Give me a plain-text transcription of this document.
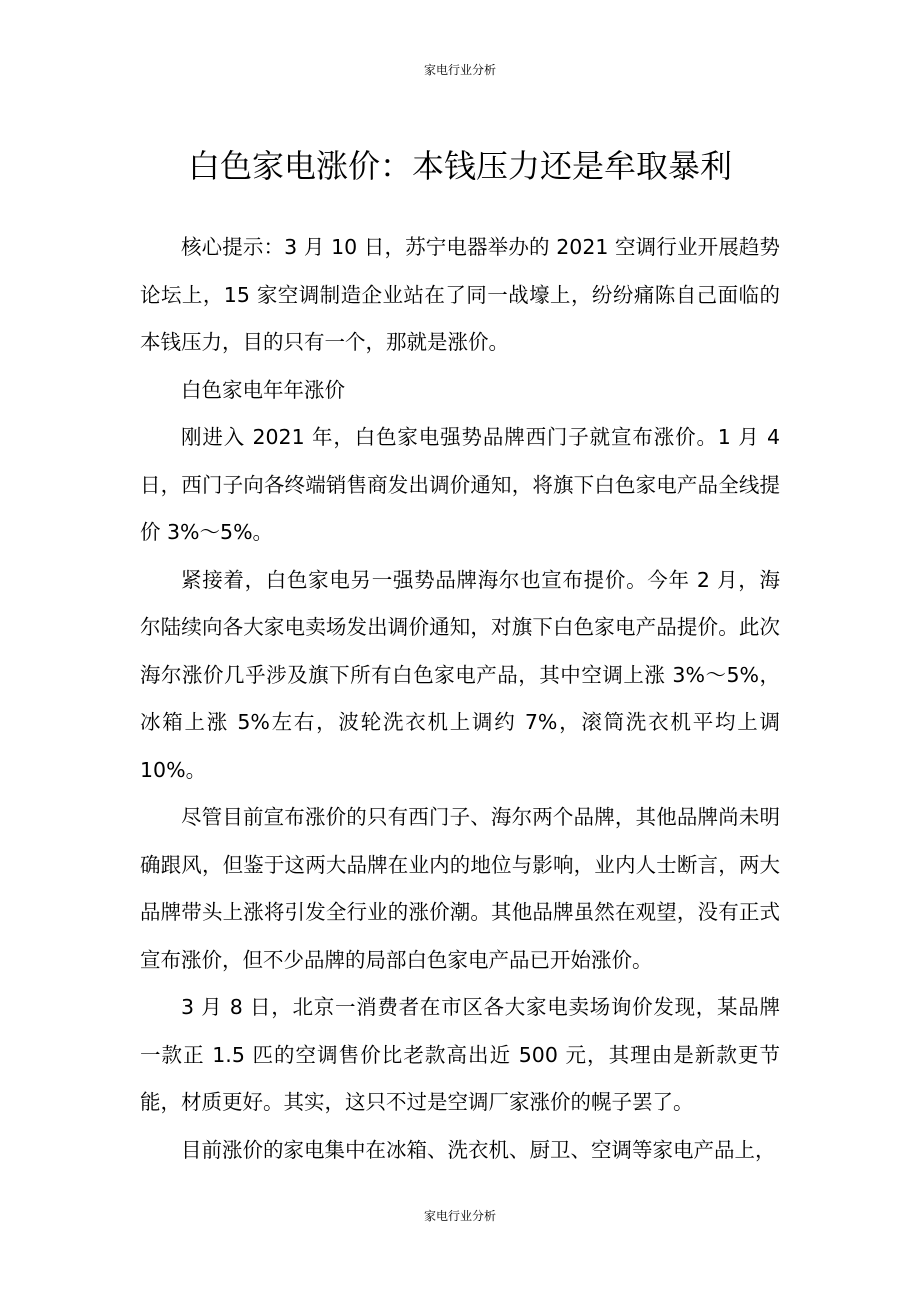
家电行业分析
白色家电涨价：本钱压力还是牟取暴利

核心提示：3 月 10 日，苏宁电器举办的 2021 空调行业开展趋势论坛上，15 家空调制造企业站在了同一战壕上，纷纷痛陈自己面临的本钱压力，目的只有一个，那就是涨价。

白色家电年年涨价

刚进入 2021 年，白色家电强势品牌西门子就宣布涨价。1 月 4 日，西门子向各终端销售商发出调价通知，将旗下白色家电产品全线提价 3%～5%。

紧接着，白色家电另一强势品牌海尔也宣布提价。今年 2 月，海尔陆续向各大家电卖场发出调价通知，对旗下白色家电产品提价。此次海尔涨价几乎涉及旗下所有白色家电产品，其中空调上涨 3%～5%，冰箱上涨 5%左右，波轮洗衣机上调约 7%，滚筒洗衣机平均上调 10%。

尽管目前宣布涨价的只有西门子、海尔两个品牌，其他品牌尚未明确跟风，但鉴于这两大品牌在业内的地位与影响，业内人士断言，两大品牌带头上涨将引发全行业的涨价潮。其他品牌虽然在观望，没有正式宣布涨价，但不少品牌的局部白色家电产品已开始涨价。

3 月 8 日，北京一消费者在市区各大家电卖场询价发现，某品牌一款正 1.5 匹的空调售价比老款高出近 500 元，其理由是新款更节能，材质更好。其实，这只不过是空调厂家涨价的幌子罢了。

目前涨价的家电集中在冰箱、洗衣机、厨卫、空调等家电产品上，

家电行业分析
